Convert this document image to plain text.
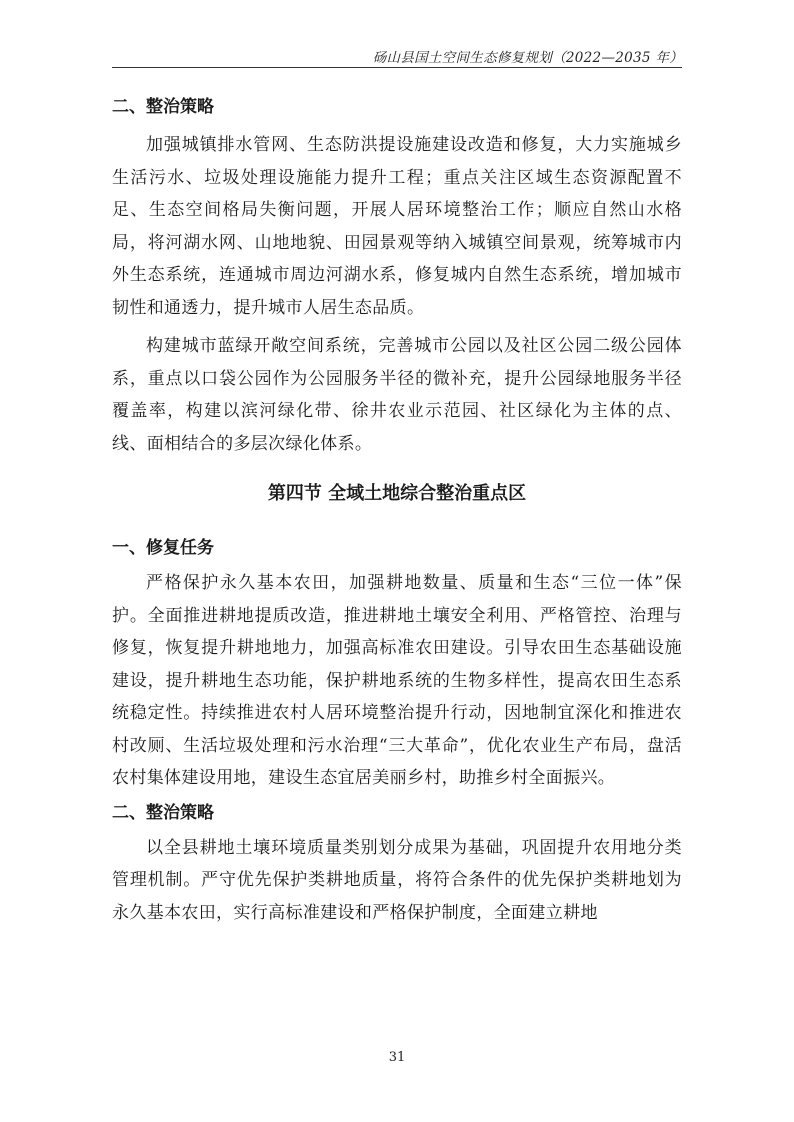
砀山县国土空间生态修复规划（2022—2035 年）
二、整治策略

加强城镇排水管网、生态防洪提设施建设改造和修复，大力实施城乡生活污水、垃圾处理设施能力提升工程；重点关注区域生态资源配置不足、生态空间格局失衡问题，开展人居环境整治工作；顺应自然山水格局，将河湖水网、山地地貌、田园景观等纳入城镇空间景观，统筹城市内外生态系统，连通城市周边河湖水系，修复城内自然生态系统，增加城市韧性和通透力，提升城市人居生态品质。

构建城市蓝绿开敞空间系统，完善城市公园以及社区公园二级公园体系，重点以口袋公园作为公园服务半径的微补充，提升公园绿地服务半径覆盖率，构建以滨河绿化带、徐井农业示范园、社区绿化为主体的点、线、面相结合的多层次绿化体系。

第四节 全域土地综合整治重点区
一、修复任务

严格保护永久基本农田，加强耕地数量、质量和生态“三位一体”保护。全面推进耕地提质改造，推进耕地土壤安全利用、严格管控、治理与修复，恢复提升耕地地力，加强高标准农田建设。引导农田生态基础设施建设，提升耕地生态功能，保护耕地系统的生物多样性，提高农田生态系统稳定性。持续推进农村人居环境整治提升行动，因地制宜深化和推进农村改厕、生活垃圾处理和污水治理“三大革命”，优化农业生产布局，盘活农村集体建设用地，建设生态宜居美丽乡村，助推乡村全面振兴。

二、整治策略

以全县耕地土壤环境质量类别划分成果为基础，巩固提升农用地分类管理机制。严守优先保护类耕地质量，将符合条件的优先保护类耕地划为永久基本农田，实行高标准建设和严格保护制度，全面建立耕地

31
